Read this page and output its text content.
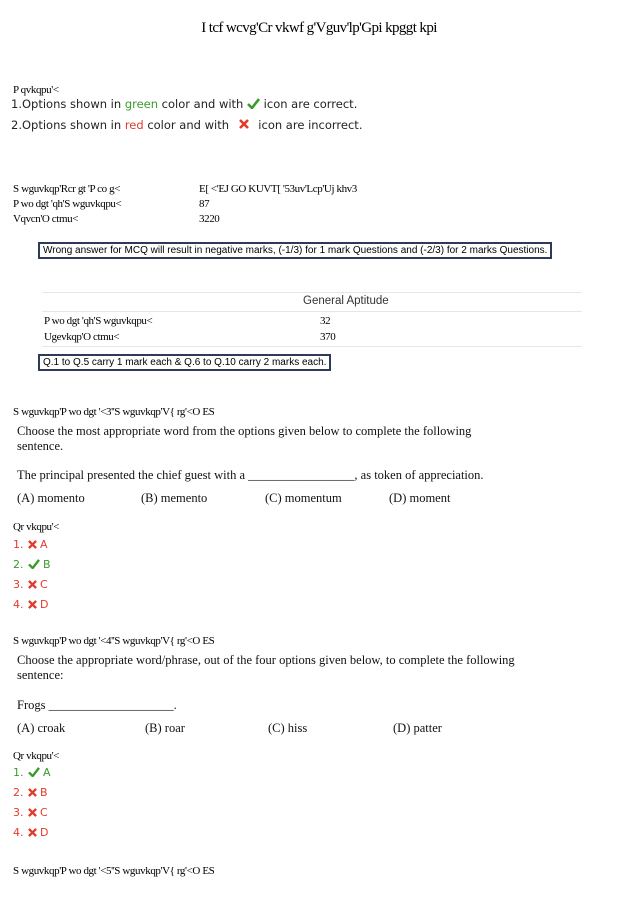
I tcf wcvg'Cr vkwf g'Vguv'lp'Gpi kpggt kpi
P qvkqpu'<
1.Options shown in green color and with  icon are correct.
2.Options shown in red color and with  icon are incorrect.
S wguvkqp'Rcr gt 'P co g<	E[ <'EJ GO KUVT[ '53uv'Lcp'Uj khv3
P wo dgt 'qh'S wguvkqpu<	87
Vqvcn'O ctmu<	3220
Wrong answer for MCQ will result in negative marks, (-1/3) for 1 mark Questions and (-2/3) for 2 marks Questions.
General Aptitude
P wo dgt 'qh'S wguvkqpu<	32
Ugevkqp'O ctmu<	370
Q.1 to Q.5 carry 1 mark each & Q.6 to Q.10 carry 2 marks each.
S wguvkqp'P wo dgt '<3''S wguvkqp'V{ rg'<O ES
Choose the most appropriate word from the options given below to complete the following
sentence.
The principal presented the chief guest with a _________________, as token of appreciation.
(A) momento	(B) memento	(C) momentum	(D) moment
Qr vkqpu'<
1. A
2. B
3. C
4. D
S wguvkqp'P wo dgt '<4''S wguvkqp'V{ rg'<O ES
Choose the appropriate word/phrase, out of the four options given below, to complete the following
sentence:
Frogs ____________________.
(A) croak	(B) roar	(C) hiss	(D) patter
Qr vkqpu'<
1. A
2. B
3. C
4. D
S wguvkqp'P wo dgt '<5''S wguvkqp'V{ rg'<O ES
